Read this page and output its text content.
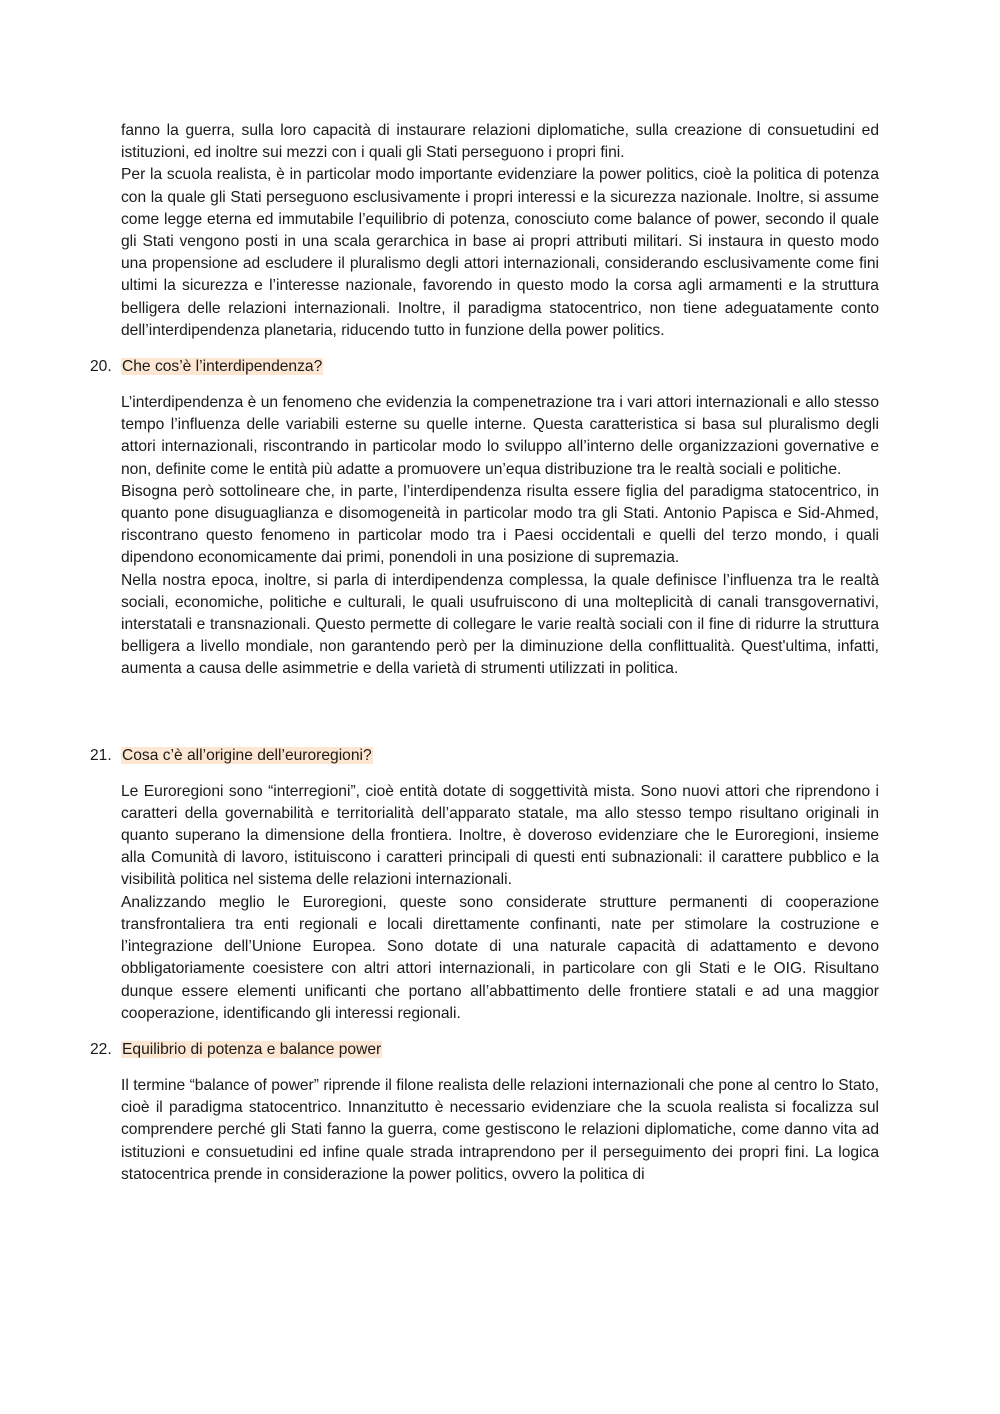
fanno la guerra, sulla loro capacità di instaurare relazioni diplomatiche, sulla creazione di consuetudini ed istituzioni, ed inoltre sui mezzi con i quali gli Stati perseguono i propri fini.

Per la scuola realista, è in particolar modo importante evidenziare la power politics, cioè la politica di potenza con la quale gli Stati perseguono esclusivamente i propri interessi e la sicurezza nazionale. Inoltre, si assume come legge eterna ed immutabile l’equilibrio di potenza, conosciuto come balance of power, secondo il quale gli Stati vengono posti in una scala gerarchica in base ai propri attributi militari. Si instaura in questo modo una propensione ad escludere il pluralismo degli attori internazionali, considerando esclusivamente come fini ultimi la sicurezza e l’interesse nazionale, favorendo in questo modo la corsa agli armamenti e la struttura belligera delle relazioni internazionali. Inoltre, il paradigma statocentrico, non tiene adeguatamente conto dell’interdipendenza planetaria, riducendo tutto in funzione della power politics.

20. Che cos’è l’interdipendenza?

L’interdipendenza è un fenomeno che evidenzia la compenetrazione tra i vari attori internazionali e allo stesso tempo l’influenza delle variabili esterne su quelle interne. Questa caratteristica si basa sul pluralismo degli attori internazionali, riscontrando in particolar modo lo sviluppo all’interno delle organizzazioni governative e non, definite come le entità più adatte a promuovere un’equa distribuzione tra le realtà sociali e politiche.

Bisogna però sottolineare che, in parte, l’interdipendenza risulta essere figlia del paradigma statocentrico, in quanto pone disuguaglianza e disomogeneità in particolar modo tra gli Stati. Antonio Papisca e Sid-Ahmed, riscontrano questo fenomeno in particolar modo tra i Paesi occidentali e quelli del terzo mondo, i quali dipendono economicamente dai primi, ponendoli in una posizione di supremazia.

Nella nostra epoca, inoltre, si parla di interdipendenza complessa, la quale definisce l’influenza tra le realtà sociali, economiche, politiche e culturali, le quali usufruiscono di una molteplicità di canali transgovernativi, interstatali e transnazionali. Questo permette di collegare le varie realtà sociali con il fine di ridurre la struttura belligera a livello mondiale, non garantendo però per la diminuzione della conflittualità. Quest'ultima, infatti, aumenta a causa delle asimmetrie e della varietà di strumenti utilizzati in politica.

21. Cosa c’è all’origine dell’euroregioni?

Le Euroregioni sono “interregioni”, cioè entità dotate di soggettività mista. Sono nuovi attori che riprendono i caratteri della governabilità e territorialità dell’apparato statale, ma allo stesso tempo risultano originali in quanto superano la dimensione della frontiera. Inoltre, è doveroso evidenziare che le Euroregioni, insieme alla Comunità di lavoro, istituiscono i caratteri principali di questi enti subnazionali: il carattere pubblico e la visibilità politica nel sistema delle relazioni internazionali.

Analizzando meglio le Euroregioni, queste sono considerate strutture permanenti di cooperazione transfrontaliera tra enti regionali e locali direttamente confinanti, nate per stimolare la costruzione e l’integrazione dell’Unione Europea. Sono dotate di una naturale capacità di adattamento e devono obbligatoriamente coesistere con altri attori internazionali, in particolare con gli Stati e le OIG. Risultano dunque essere elementi unificanti che portano all’abbattimento delle frontiere statali e ad una maggior cooperazione, identificando gli interessi regionali.

22. Equilibrio di potenza e balance power

Il termine “balance of power” riprende il filone realista delle relazioni internazionali che pone al centro lo Stato, cioè il paradigma statocentrico. Innanzitutto è necessario evidenziare che la scuola realista si focalizza sul comprendere perché gli Stati fanno la guerra, come gestiscono le relazioni diplomatiche, come danno vita ad istituzioni e consuetudini ed infine quale strada intraprendono per il perseguimento dei propri fini. La logica statocentrica prende in considerazione la power politics, ovvero la politica di
